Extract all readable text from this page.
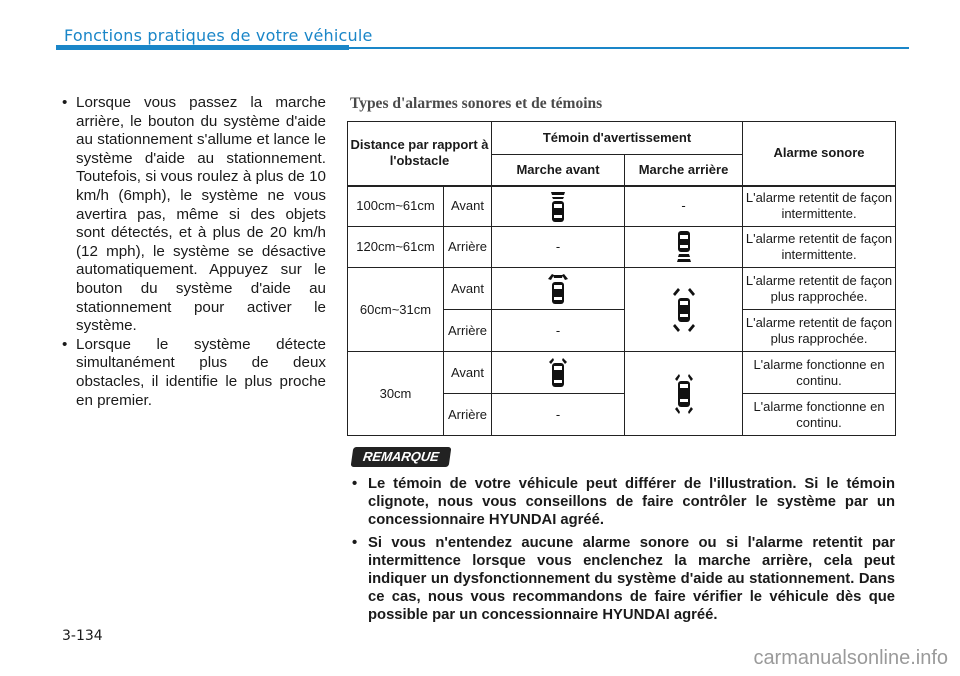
Fonctions pratiques de votre véhicule
• Lorsque vous passez la marche arrière, le bouton du système d'aide au stationnement s'allume et lance le système d'aide au stationnement. Toutefois, si vous roulez à plus de 10 km/h (6mph), le système ne vous avertira pas, même si des objets sont détectés, et à plus de 20 km/h (12 mph), le système se désactive automatiquement. Appuyez sur le bouton du système d'aide au stationnement pour activer le système.
• Lorsque le système détecte simultanément plus de deux obstacles, il identifie le plus proche en premier.
Types d'alarmes sonores et de témoins
Distance par rapport à l'obstacle		Témoin d'avertissement		Alarme sonore
		Marche avant	Marche arrière	
100cm~61cm	Avant		-	L'alarme retentit de façon intermittente.
120cm~61cm	Arrière	-		L'alarme retentit de façon intermittente.
60cm~31cm	Avant			L'alarme retentit de façon plus rapprochée.
	Arrière	-		L'alarme retentit de façon plus rapprochée.
30cm	Avant			L'alarme fonctionne en continu.
	Arrière	-		L'alarme fonctionne en continu.
REMARQUE
• Le témoin de votre véhicule peut différer de l'illustration. Si le témoin clignote, nous vous conseillons de faire contrôler le système par un concessionnaire HYUNDAI agréé.
• Si vous n'entendez aucune alarme sonore ou si l'alarme retentit par intermittence lorsque vous enclenchez la marche arrière, cela peut indiquer un dysfonctionnement du système d'aide au stationnement. Dans ce cas, nous vous recommandons de faire vérifier le véhicule dès que possible par un concessionnaire HYUNDAI agréé.
3-134
carmanualsonline.info
